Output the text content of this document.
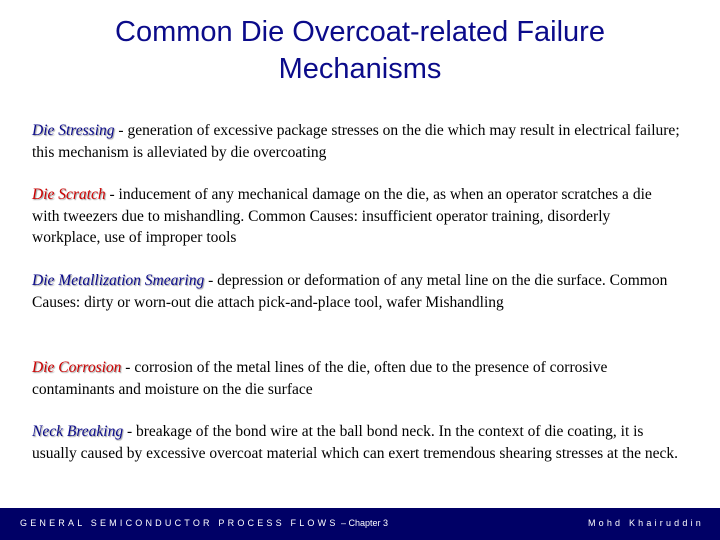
Common Die Overcoat-related Failure
Mechanisms

Die Stressing - generation of excessive package stresses on the die which may result in electrical failure; this mechanism is alleviated by die overcoating

Die Scratch - inducement of any mechanical damage on the die, as when an operator scratches a die with tweezers due to mishandling. Common Causes: insufficient operator training, disorderly workplace, use of improper tools

Die Metallization Smearing - depression or deformation of any metal line on the die surface. Common Causes: dirty or worn-out die attach pick-and-place tool, wafer Mishandling

Die Corrosion - corrosion of the metal lines of the die, often due to the presence of corrosive contaminants and moisture on the die surface

Neck Breaking - breakage of the bond wire at the ball bond neck. In the context of die coating, it is usually caused by excessive overcoat material which can exert tremendous shearing stresses at the neck.

GENERAL SEMICONDUCTOR PROCESS FLOWS – Chapter 3	Mohd Khairuddin
